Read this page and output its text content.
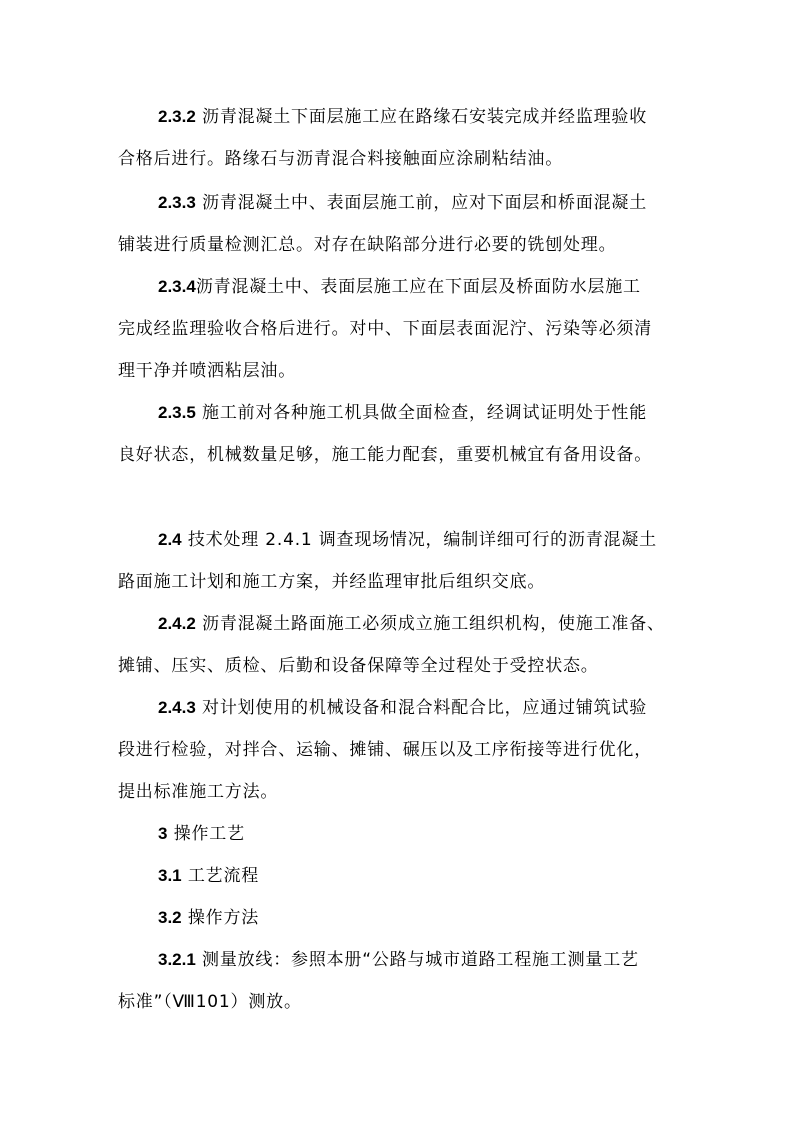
2.3.2 沥青混凝土下面层施工应在路缘石安装完成并经监理验收
合格后进行。路缘石与沥青混合料接触面应涂刷粘结油。

2.3.3 沥青混凝土中、表面层施工前，应对下面层和桥面混凝土
铺装进行质量检测汇总。对存在缺陷部分进行必要的铣刨处理。

2.3.4沥青混凝土中、表面层施工应在下面层及桥面防水层施工
完成经监理验收合格后进行。对中、下面层表面泥泞、污染等必须清
理干净并喷洒粘层油。

2.3.5 施工前对各种施工机具做全面检查，经调试证明处于性能
良好状态，机械数量足够，施工能力配套，重要机械宜有备用设备。

2.4 技术处理 2.4.1 调查现场情况，编制详细可行的沥青混凝土
路面施工计划和施工方案，并经监理审批后组织交底。

2.4.2 沥青混凝土路面施工必须成立施工组织机构，使施工准备、
摊铺、压实、质检、后勤和设备保障等全过程处于受控状态。

2.4.3 对计划使用的机械设备和混合料配合比，应通过铺筑试验
段进行检验，对拌合、运输、摊铺、碾压以及工序衔接等进行优化，
提出标准施工方法。

3 操作工艺

3.1 工艺流程

3.2 操作方法

3.2.1 测量放线：参照本册“公路与城市道路工程施工测量工艺
标准”（Ⅷ101）测放。
